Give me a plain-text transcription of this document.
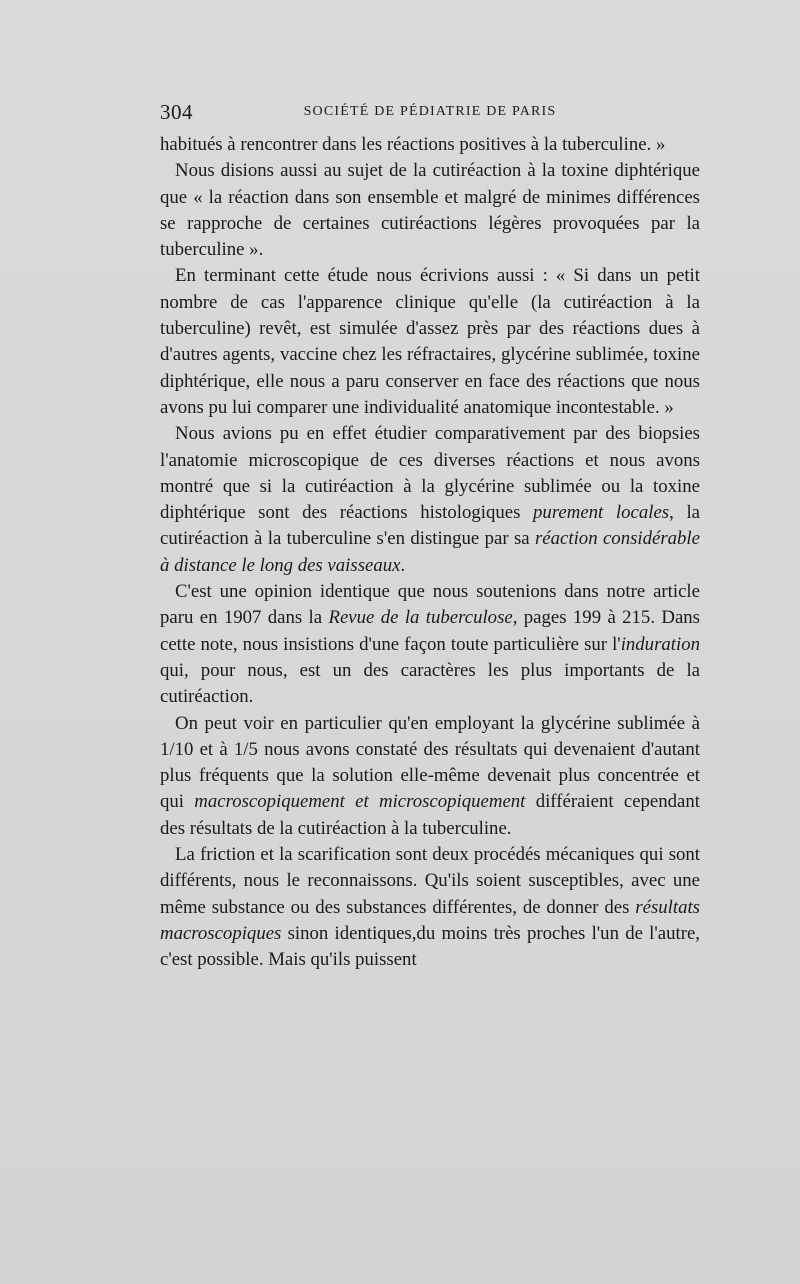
304	SOCIÉTÉ DE PÉDIATRIE DE PARIS

habitués à rencontrer dans les réactions positives à la tuberculine. »

Nous disions aussi au sujet de la cutiréaction à la toxine diphtérique que « la réaction dans son ensemble et malgré de minimes différences se rapproche de certaines cutiréactions légères provoquées par la tuberculine ».

En terminant cette étude nous écrivions aussi : « Si dans un petit nombre de cas l'apparence clinique qu'elle (la cutiréaction à la tuberculine) revêt, est simulée d'assez près par des réactions dues à d'autres agents, vaccine chez les réfractaires, glycérine sublimée, toxine diphtérique, elle nous a paru conserver en face des réactions que nous avons pu lui comparer une individualité anatomique incontestable. »

Nous avions pu en effet étudier comparativement par des biopsies l'anatomie microscopique de ces diverses réactions et nous avons montré que si la cutiréaction à la glycérine sublimée ou la toxine diphtérique sont des réactions histologiques purement locales, la cutiréaction à la tuberculine s'en distingue par sa réaction considérable à distance le long des vaisseaux.

C'est une opinion identique que nous soutenions dans notre article paru en 1907 dans la Revue de la tuberculose, pages 199 à 215. Dans cette note, nous insistions d'une façon toute particulière sur l'induration qui, pour nous, est un des caractères les plus importants de la cutiréaction.

On peut voir en particulier qu'en employant la glycérine sublimée à 1/10 et à 1/5 nous avons constaté des résultats qui devenaient d'autant plus fréquents que la solution elle-même devenait plus concentrée et qui macroscopiquement et microscopiquement différaient cependant des résultats de la cutiréaction à la tuberculine.

La friction et la scarification sont deux procédés mécaniques qui sont différents, nous le reconnaissons. Qu'ils soient susceptibles, avec une même substance ou des substances différentes, de donner des résultats macroscopiques sinon identiques,du moins très proches l'un de l'autre, c'est possible. Mais qu'ils puissent
